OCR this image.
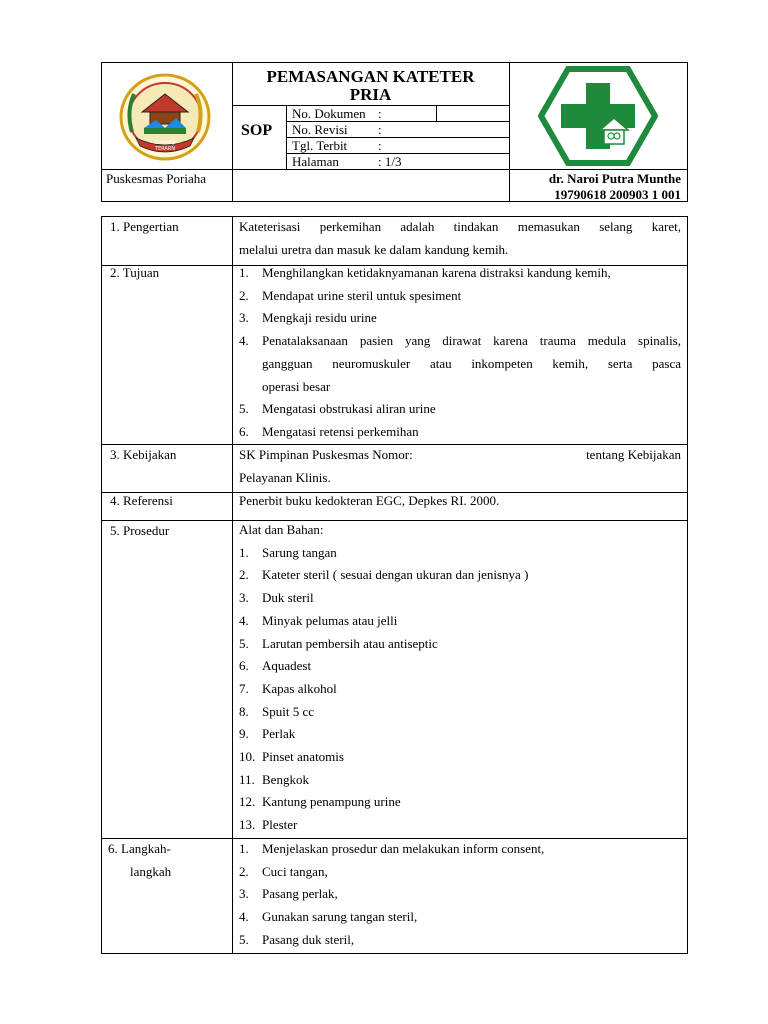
SUMANJI TERARN
PEMASANGAN KATETER
PRIA
SOP
No. Dokumen :
No. Revisi :
Tgl. Terbit :
Halaman	: 1/3
Puskesmas Poriaha	dr. Naroi Putra Munthe
19790618 200903 1 001
1. Pengertian	Kateterisasi perkemihan adalah tindakan memasukan selang karet,
melalui uretra dan masuk ke dalam kandung kemih.
2. Tujuan	1.	Menghilangkan ketidaknyamanan karena distraksi kandung kemih,
2.	Mendapat urine steril untuk spesiment
3.	Mengkaji residu urine
4.	Penatalaksanaan pasien yang dirawat karena trauma medula spinalis,
gangguan neuromuskuler atau inkompeten kemih, serta pasca
operasi besar
5.	Mengatasi obstrukasi aliran urine
6.	Mengatasi retensi perkemihan
3. Kebijakan	SK Pimpinan Puskesmas Nomor:	tentang Kebijakan
Pelayanan Klinis.
4. Referensi	Penerbit buku kedokteran EGC, Depkes RI. 2000.
5. Prosedur	Alat dan Bahan:
1.	Sarung tangan
2.	Kateter steril ( sesuai dengan ukuran dan jenisnya )
3.	Duk steril
4.	Minyak pelumas atau jelli
5.	Larutan pembersih atau antiseptic
6.	Aquadest
7.	Kapas alkohol
8.	Spuit 5 cc
9.	Perlak
10. Pinset anatomis
11. Bengkok
12. Kantung penampung urine
13. Plester
6. Langkah-
langkah
1.	Menjelaskan prosedur dan melakukan inform consent,
2.	Cuci tangan,
3.	Pasang perlak,
4.	Gunakan sarung tangan steril,
5.	Pasang duk steril,
